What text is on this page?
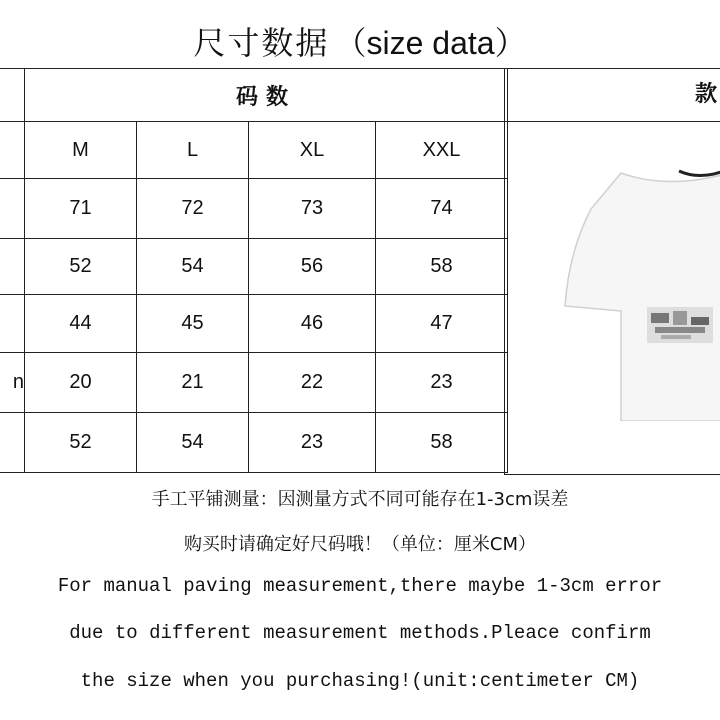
尺寸数据 （size data）
	码数			
	M	L	XL	XXL
	71	72	73	74
	52	54	56	58
	44	45	46	47
n	20	21	22	23
	52	54	23	58
款
手工平铺测量：因测量方式不同可能存在1-3cm误差
购买时请确定好尺码哦！（单位：厘米CM）
For manual paving measurement,there maybe 1-3cm error
due to different measurement methods.Pleace confirm
the size when you purchasing!(unit:centimeter CM)
